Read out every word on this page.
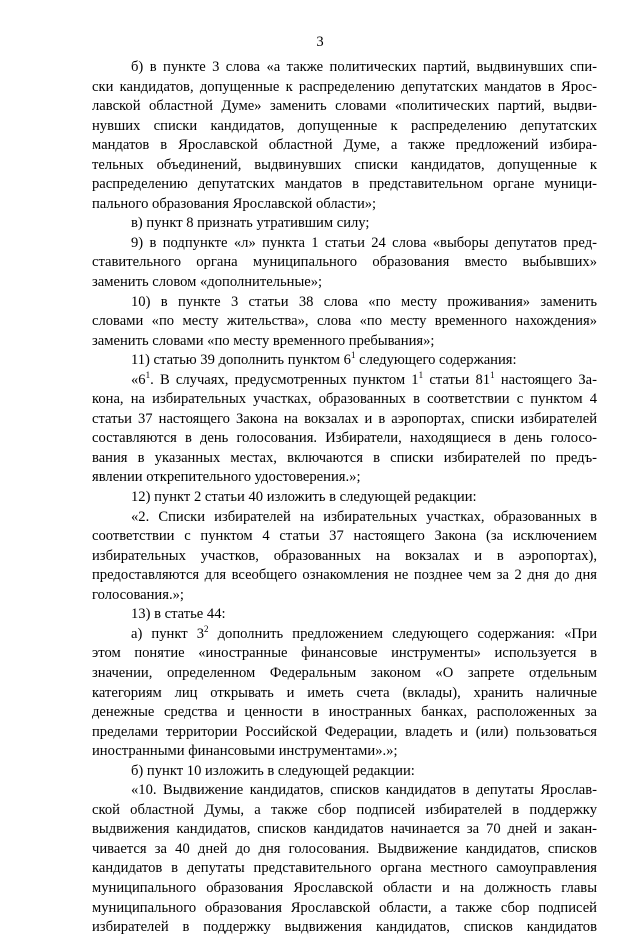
3
б) в пункте 3 слова «а также политических партий, выдвинувших спи-
ски кандидатов, допущенные к распределению депутатских мандатов в Ярос-
лавской областной Думе» заменить словами «политических партий, выдви-
нувших списки кандидатов, допущенные к распределению депутатских
мандатов в Ярославской областной Думе, а также предложений избира-
тельных объединений, выдвинувших списки кандидатов, допущенные к
распределению депутатских мандатов в представительном органе муници-
пального образования Ярославской области»;
в) пункт 8 признать утратившим силу;
9) в подпункте «л» пункта 1 статьи 24 слова «выборы депутатов пред-
ставительного органа муниципального образования вместо выбывших»
заменить словом «дополнительные»;
10) в пункте 3 статьи 38 слова «по месту проживания» заменить
словами «по месту жительства», слова «по месту временного нахождения»
заменить словами «по месту временного пребывания»;
11) статью 39 дополнить пунктом $6^1$ следующего содержания:
«$6^1$. В случаях, предусмотренных пунктом $1^1$ статьи $81^1$ настоящего За-
кона, на избирательных участках, образованных в соответствии с пунктом 4
статьи 37 настоящего Закона на вокзалах и в аэропортах, списки избирателей
составляются в день голосования. Избиратели, находящиеся в день голосо-
вания в указанных местах, включаются в списки избирателей по предъ-
явлении открепительного удостоверения.»;
12) пункт 2 статьи 40 изложить в следующей редакции:
«2. Списки избирателей на избирательных участках, образованных в
соответствии с пунктом 4 статьи 37 настоящего Закона (за исключением
избирательных участков, образованных на вокзалах и в аэропортах),
предоставляются для всеобщего ознакомления не позднее чем за 2 дня до дня
голосования.»;
13) в статье 44:
а) пункт $3^2$ дополнить предложением следующего содержания: «При
этом понятие «иностранные финансовые инструменты» используется в
значении, определенном Федеральным законом «О запрете отдельным
категориям лиц открывать и иметь счета (вклады), хранить наличные
денежные средства и ценности в иностранных банках, расположенных за
пределами территории Российской Федерации, владеть и (или) пользоваться
иностранными финансовыми инструментами».»;
б) пункт 10 изложить в следующей редакции:
«10. Выдвижение кандидатов, списков кандидатов в депутаты Ярослав-
ской областной Думы, а также сбор подписей избирателей в поддержку
выдвижения кандидатов, списков кандидатов начинается за 70 дней и закан-
чивается за 40 дней до дня голосования. Выдвижение кандидатов, списков
кандидатов в депутаты представительного органа местного самоуправления
муниципального образования Ярославской области и на должность главы
муниципального образования Ярославской области, а также сбор подписей
избирателей в поддержку выдвижения кандидатов, списков кандидатов
